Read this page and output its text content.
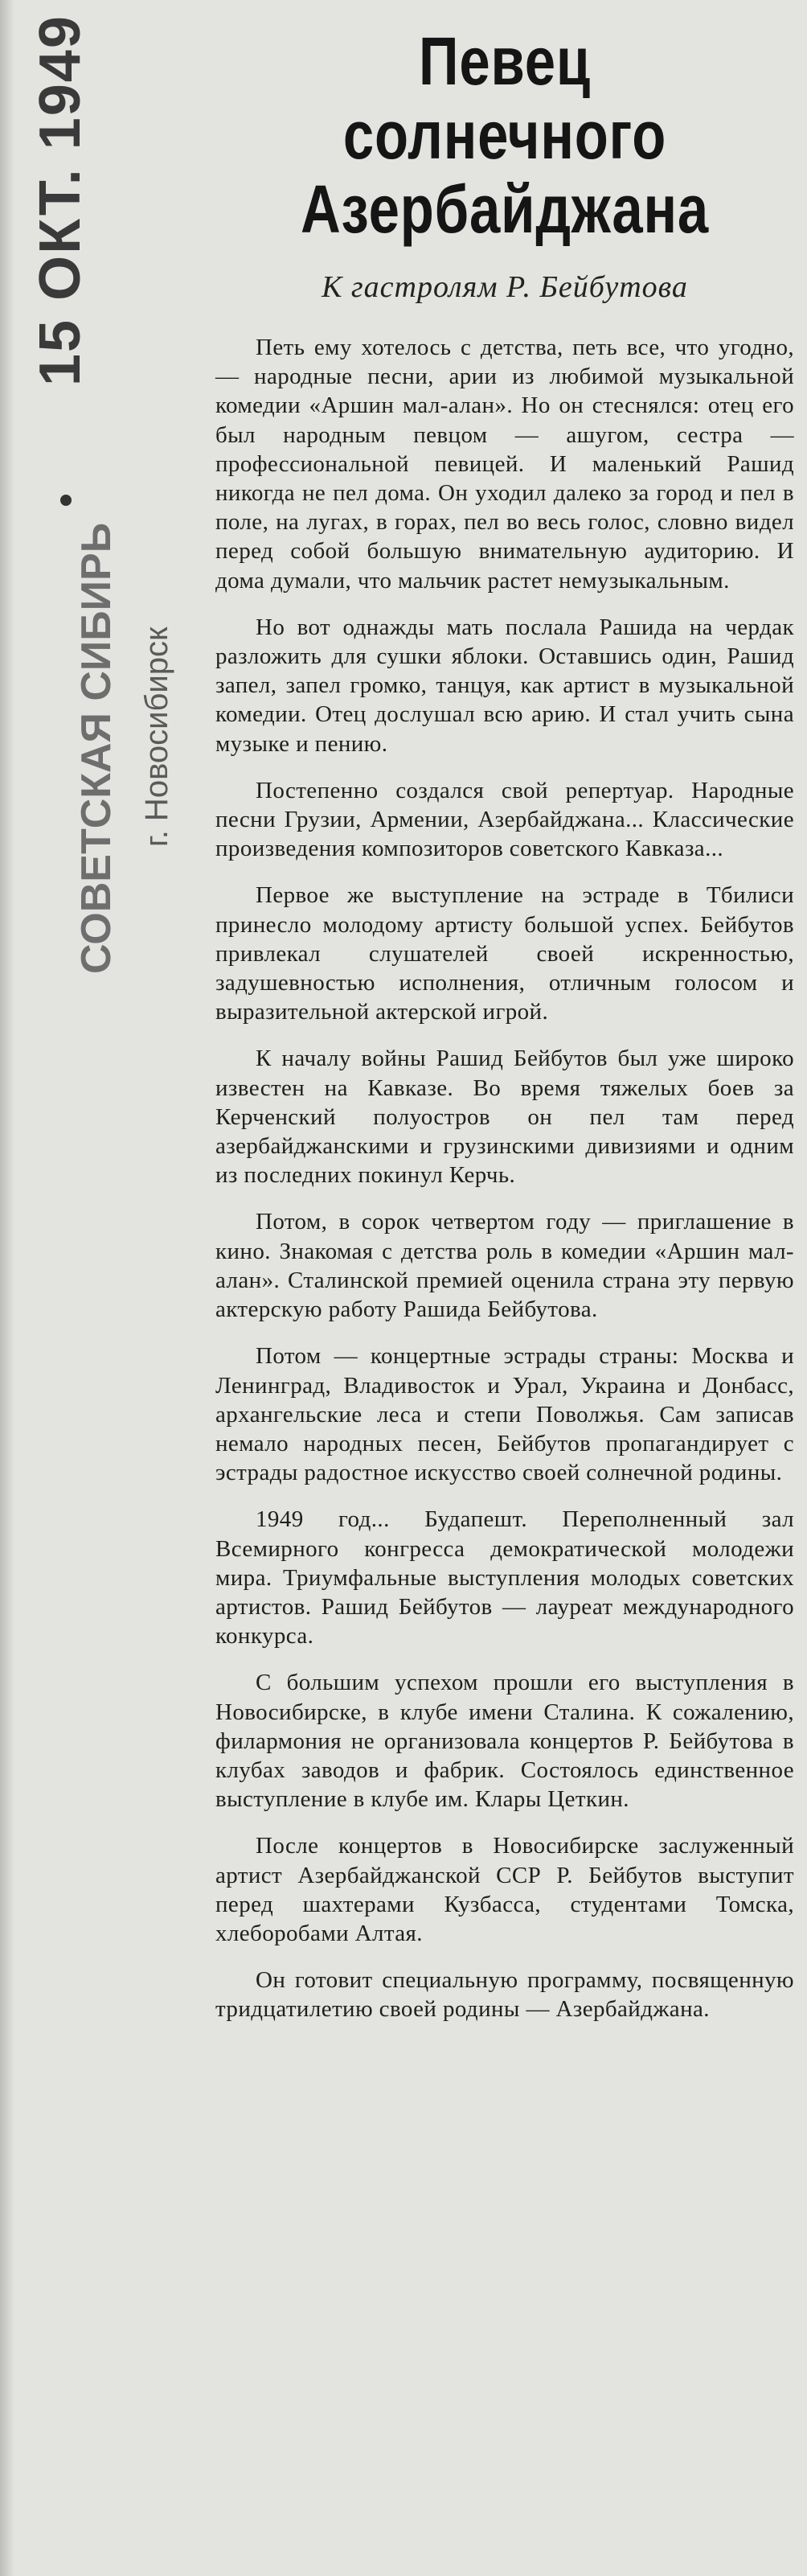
15 ОКТ. 1949
СОВЕТСКАЯ СИБИРЬ г. Новосибирск
Певец солнечного
Азербайджана
К гастролям Р. Бейбутова

Петь ему хотелось с детства, петь все, что угодно, — народные песни, арии из любимой музыкальной комедии «Аршин мал-алан». Но он стеснялся: отец его был народным певцом — ашугом, сестра — профессиональной певицей. И маленький Рашид никогда не пел дома. Он уходил далеко за город и пел в поле, на лугах, в горах, пел во весь голос, словно видел перед собой большую внимательную аудиторию. И дома думали, что мальчик растет немузыкальным.

Но вот однажды мать послала Рашида на чердак разложить для сушки яблоки. Оставшись один, Рашид запел, запел громко, танцуя, как артист в музыкальной комедии. Отец дослушал всю арию. И стал учить сына музыке и пению.

Постепенно создался свой репертуар. Народные песни Грузии, Армении, Азербайджана... Классические произведения композиторов советского Кавказа...

Первое же выступление на эстраде в Тбилиси принесло молодому артисту большой успех. Бейбутов привлекал слушателей своей искренностью, задушевностью исполнения, отличным голосом и выразительной актерской игрой.

К началу войны Рашид Бейбутов был уже широко известен на Кавказе. Во время тяжелых боев за Керченский полуостров он пел там перед азербайджанскими и грузинскими дивизиями и одним из последних покинул Керчь.

Потом, в сорок четвертом году — приглашение в кино. Знакомая с детства роль в комедии «Аршин мал-алан». Сталинской премией оценила страна эту первую актерскую работу Рашида Бейбутова.

Потом — концертные эстрады страны: Москва и Ленинград, Владивосток и Урал, Украина и Донбасс, архангельские леса и степи Поволжья. Сам записав немало народных песен, Бейбутов пропагандирует с эстрады радостное искусство своей солнечной родины.

1949 год... Будапешт. Переполненный зал Всемирного конгресса демократической молодежи мира. Триумфальные выступления молодых советских артистов. Рашид Бейбутов — лауреат международного конкурса.

С большим успехом прошли его выступления в Новосибирске, в клубе имени Сталина. К сожалению, филармония не организовала концертов Р. Бейбутова в клубах заводов и фабрик. Состоялось единственное выступление в клубе им. Клары Цеткин.

После концертов в Новосибирске заслуженный артист Азербайджанской ССР Р. Бейбутов выступит перед шахтерами Кузбасса, студентами Томска, хлеборобами Алтая.

Он готовит специальную программу, посвященную тридцатилетию своей родины — Азербайджана.
